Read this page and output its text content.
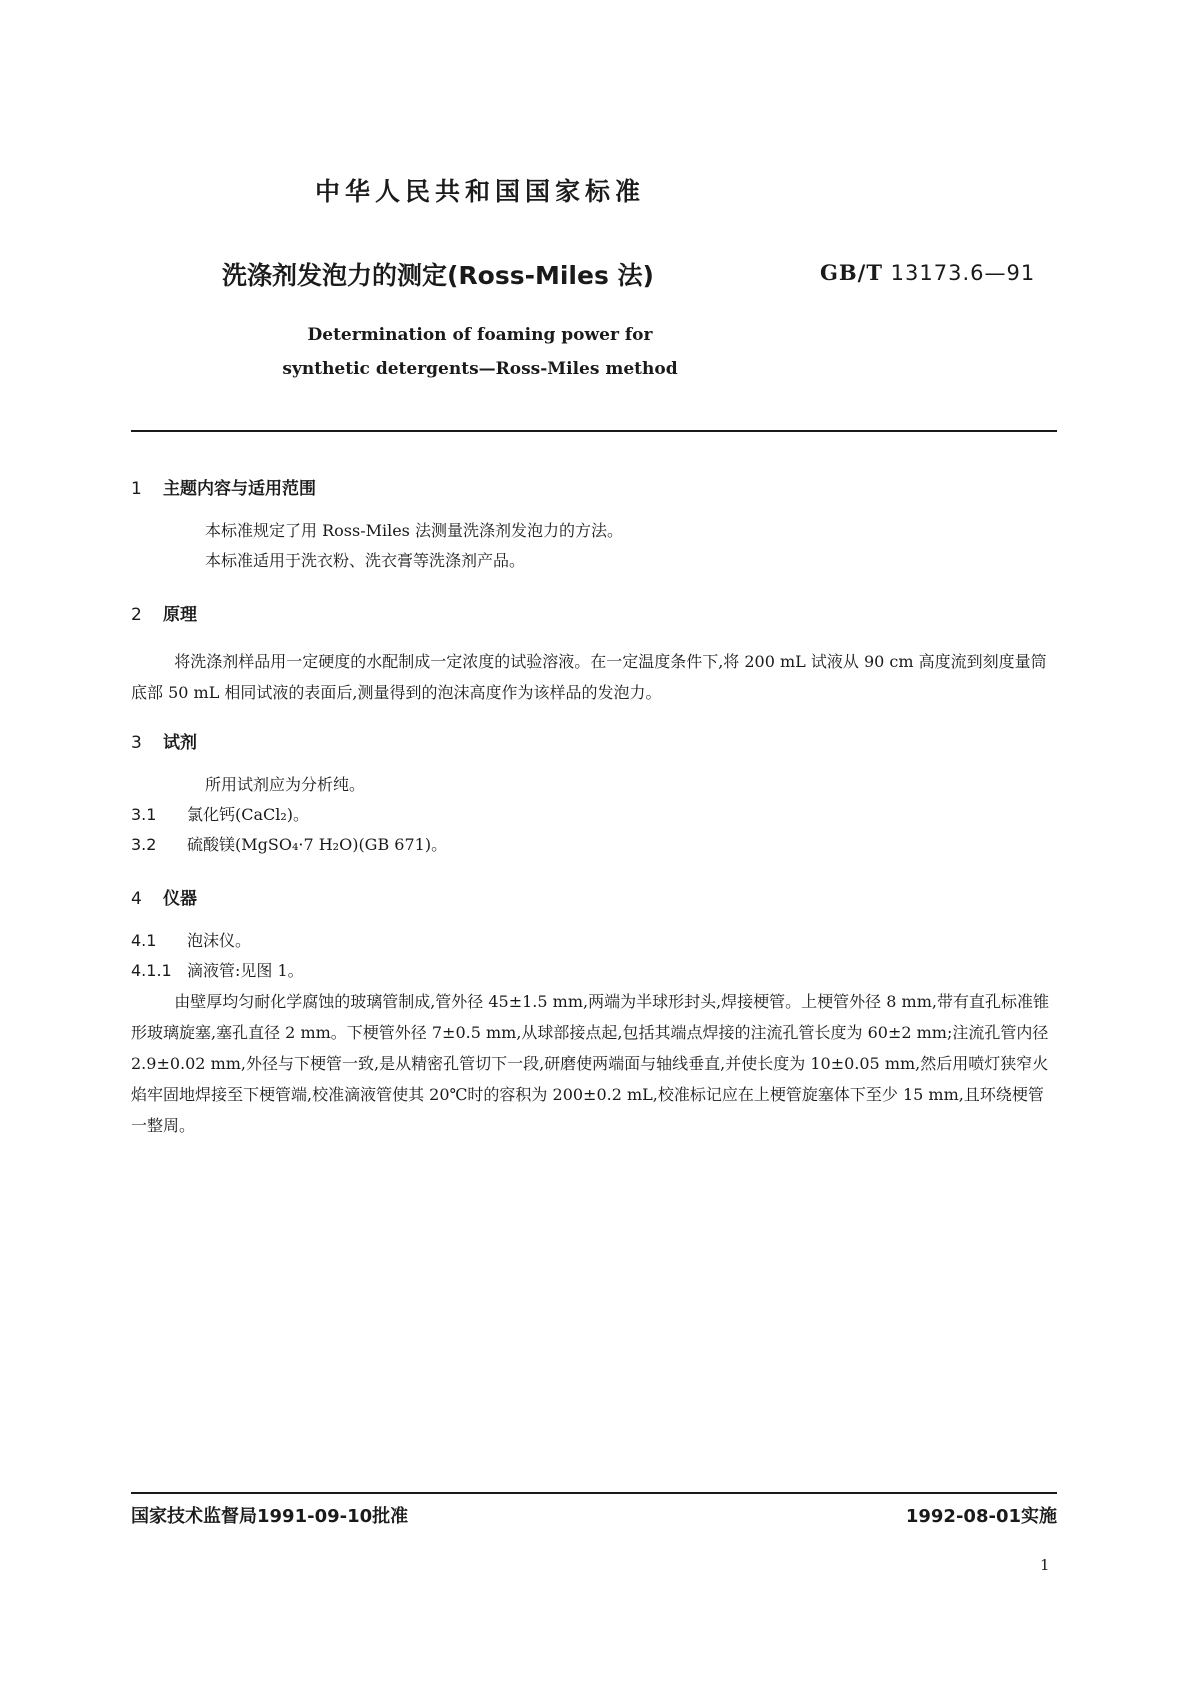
中华人民共和国国家标准
洗涤剂发泡力的测定(Ross-Miles 法)	GB/T 13173.6—91
Determination of foaming power for
synthetic detergents—Ross-Miles method
1 主题内容与适用范围
本标准规定了用 Ross-Miles 法测量洗涤剂发泡力的方法。
本标准适用于洗衣粉、洗衣膏等洗涤剂产品。
2 原理
将洗涤剂样品用一定硬度的水配制成一定浓度的试验溶液。在一定温度条件下,将 200 mL 试液从 90 cm 高度流到刻度量筒底部 50 mL 相同试液的表面后,测量得到的泡沫高度作为该样品的发泡力。
3 试剂
所用试剂应为分析纯。
3.1 氯化钙(CaCl₂)。
3.2 硫酸镁(MgSO₄·7 H₂O)(GB 671)。
4 仪器
4.1 泡沫仪。
4.1.1 滴液管:见图 1。
由壁厚均匀耐化学腐蚀的玻璃管制成,管外径 45±1.5 mm,两端为半球形封头,焊接梗管。上梗管外径 8 mm,带有直孔标准锥形玻璃旋塞,塞孔直径 2 mm。下梗管外径 7±0.5 mm,从球部接点起,包括其端点焊接的注流孔管长度为 60±2 mm;注流孔管内径 2.9±0.02 mm,外径与下梗管一致,是从精密孔管切下一段,研磨使两端面与轴线垂直,并使长度为 10±0.05 mm,然后用喷灯狭窄火焰牢固地焊接至下梗管端,校准滴液管使其 20℃时的容积为 200±0.2 mL,校准标记应在上梗管旋塞体下至少 15 mm,且环绕梗管一整周。
国家技术监督局1991-09-10批准	1992-08-01实施
1
